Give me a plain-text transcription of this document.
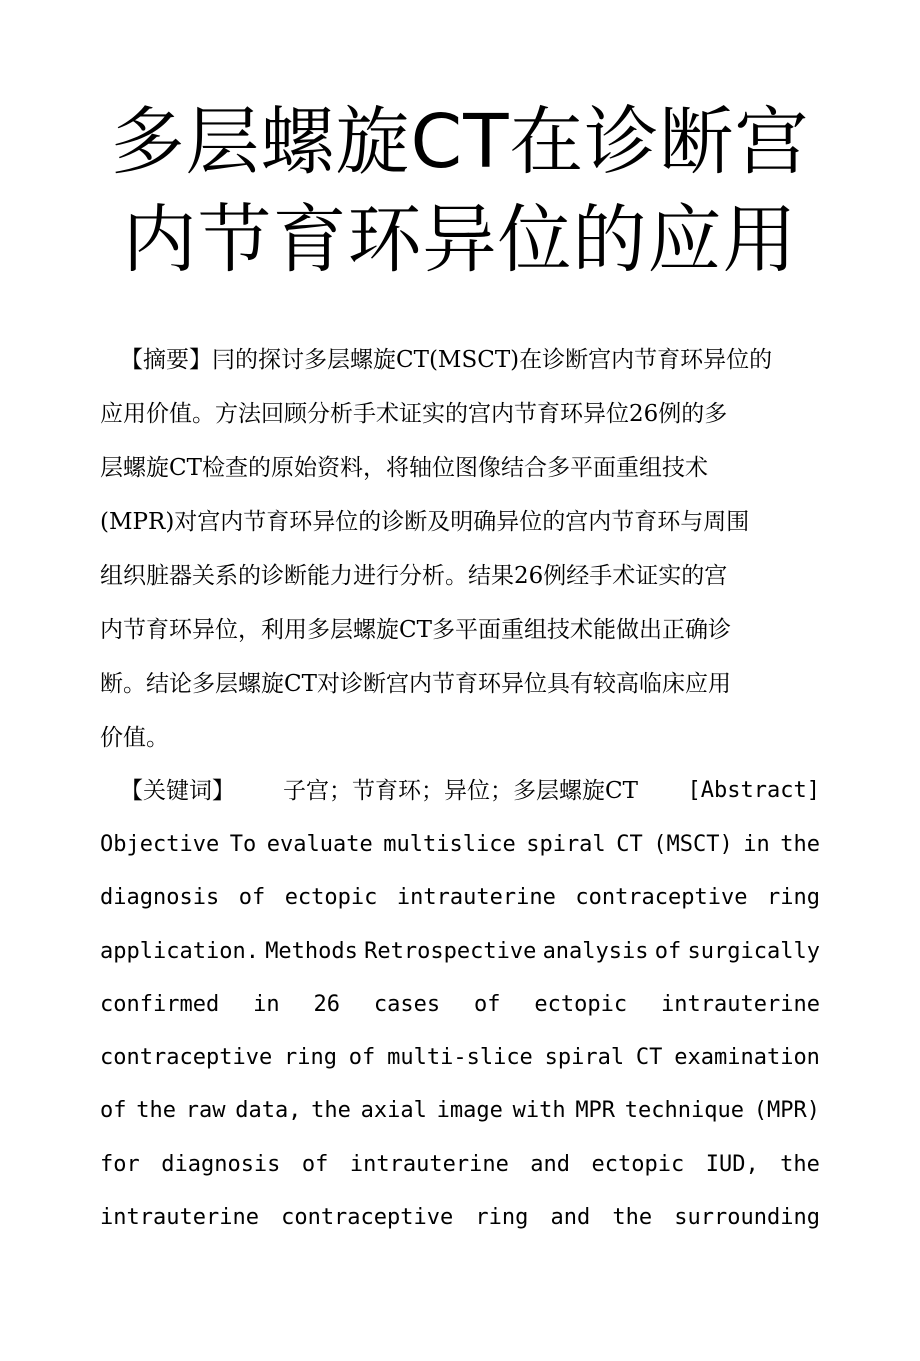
多层螺旋CT在诊断宫
内节育环异位的应用
【摘要】冃的探讨多层螺旋CT(MSCT)在诊断宫内节育环异位的
应用价值。方法回顾分析手术证实的宫内节育环异位26例的多
层螺旋CT检查的原始资料，将轴位图像结合多平面重组技术
(MPR)对宫内节育环异位的诊断及明确异位的宫内节育环与周围
组织脏器关系的诊断能力进行分析。结果26例经手术证实的宫
内节育环异位，利用多层螺旋CT多平面重组技术能做出正确诊
断。结论多层螺旋CT对诊断宫内节育环异位具有较高临床应用
价值。
【关键词】 子宫；节育环；异位；多层螺旋CT [Abstract]
Objective To evaluate multislice spiral CT (MSCT) in the
diagnosis of ectopic intrauterine contraceptive ring
application. Methods Retrospective analysis of surgically
confirmed in 26 cases of ectopic intrauterine
contraceptive ring of multi-slice spiral CT examination
of the raw data, the axial image with MPR technique (MPR)
for diagnosis of intrauterine and ectopic IUD, the
intrauterine contraceptive ring and the surrounding
